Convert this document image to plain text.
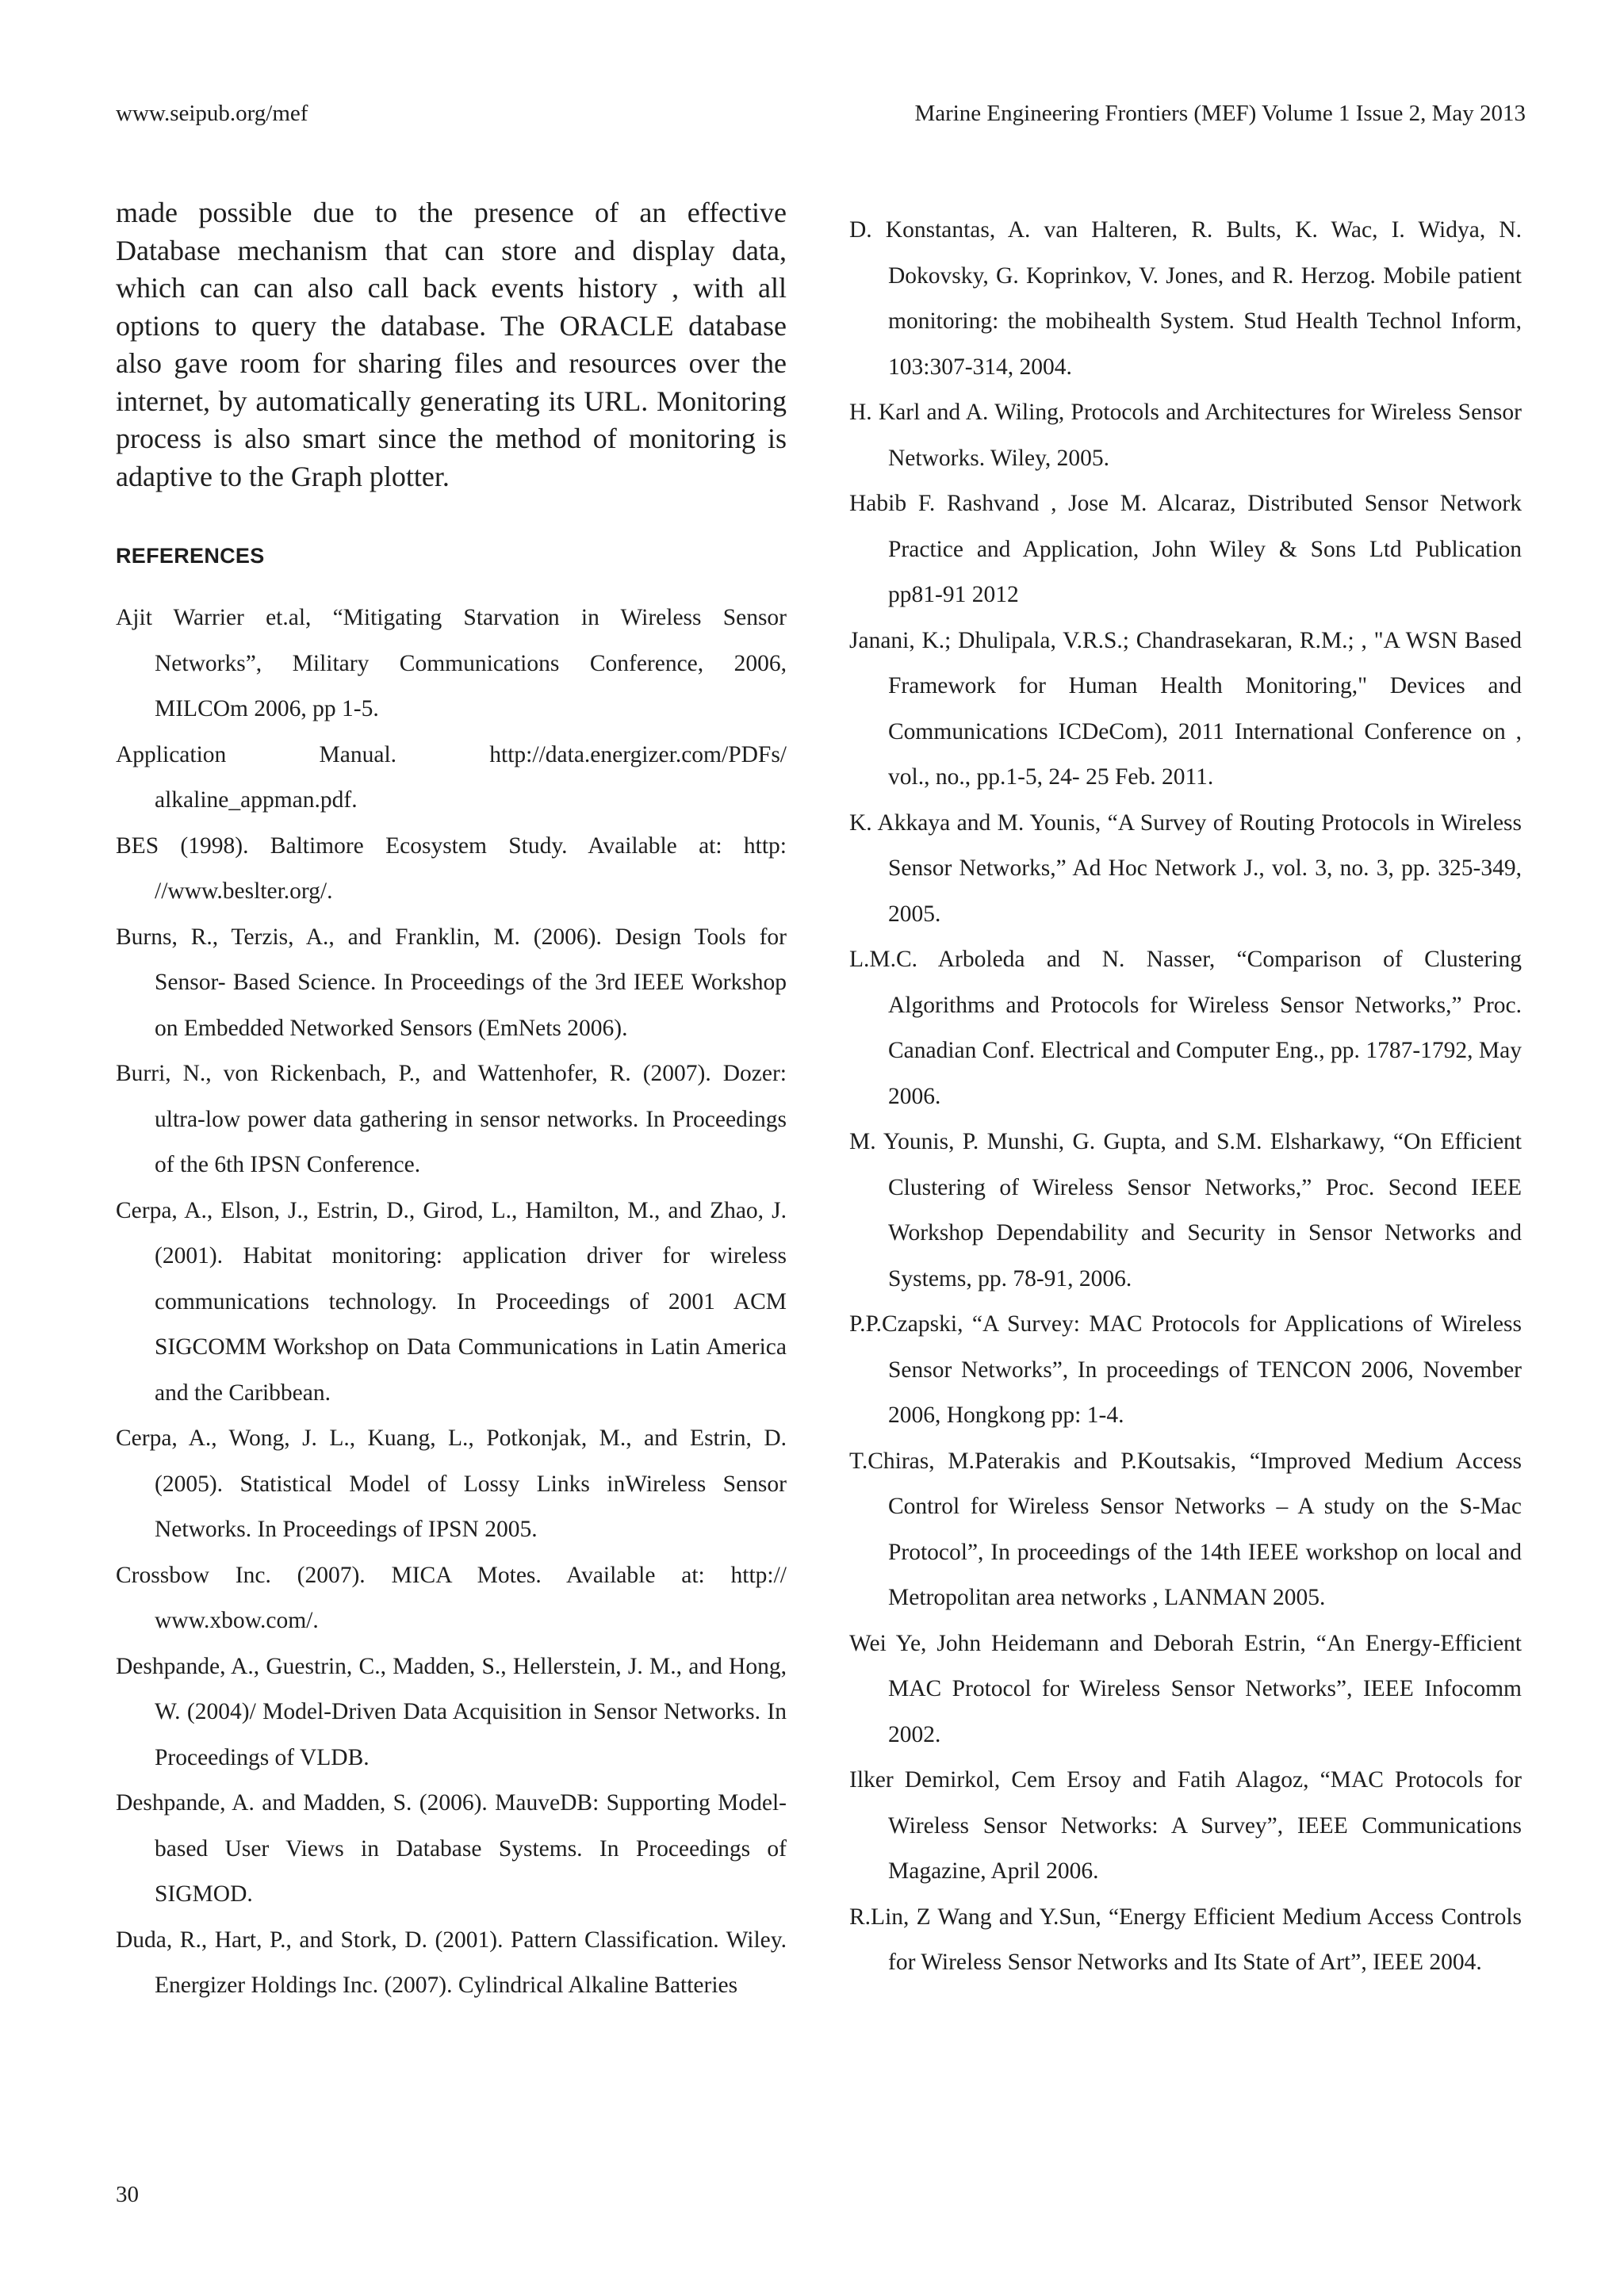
www.seipub.org/mef	Marine Engineering Frontiers (MEF) Volume 1 Issue 2, May 2013

made possible due to the presence of an effective Database mechanism that can store and display data, which can can also call back events history , with all options to query the database. The ORACLE database also gave room for sharing files and resources over the internet, by automatically generating its URL. Monitoring process is also smart since the method of monitoring is adaptive to the Graph plotter.

REFERENCES

Ajit Warrier et.al, “Mitigating Starvation in Wireless Sensor Networks”, Military Communications Conference, 2006, MILCOm 2006, pp 1-5.

Application Manual. http://data.energizer.com/PDFs/ alkaline_appman.pdf.

BES (1998). Baltimore Ecosystem Study. Available at: http: //www.beslter.org/.

Burns, R., Terzis, A., and Franklin, M. (2006). Design Tools for Sensor- Based Science. In Proceedings of the 3rd IEEE Workshop on Embedded Networked Sensors (EmNets 2006).

Burri, N., von Rickenbach, P., and Wattenhofer, R. (2007). Dozer: ultra-low power data gathering in sensor networks. In Proceedings of the 6th IPSN Conference.

Cerpa, A., Elson, J., Estrin, D., Girod, L., Hamilton, M., and Zhao, J. (2001). Habitat monitoring: application driver for wireless communications technology. In Proceedings of 2001 ACM SIGCOMM Workshop on Data Communications in Latin America and the Caribbean.

Cerpa, A., Wong, J. L., Kuang, L., Potkonjak, M., and Estrin, D. (2005). Statistical Model of Lossy Links inWireless Sensor Networks. In Proceedings of IPSN 2005.

Crossbow Inc. (2007). MICA Motes. Available at: http:// www.xbow.com/.

Deshpande, A., Guestrin, C., Madden, S., Hellerstein, J. M., and Hong, W. (2004)/ Model-Driven Data Acquisition in Sensor Networks. In Proceedings of VLDB.

Deshpande, A. and Madden, S. (2006). MauveDB: Supporting Model- based User Views in Database Systems. In Proceedings of SIGMOD.

Duda, R., Hart, P., and Stork, D. (2001). Pattern Classification. Wiley. Energizer Holdings Inc. (2007). Cylindrical Alkaline Batteries

D. Konstantas, A. van Halteren, R. Bults, K. Wac, I. Widya, N. Dokovsky, G. Koprinkov, V. Jones, and R. Herzog. Mobile patient monitoring: the mobihealth System. Stud Health Technol Inform, 103:307-314, 2004.

H. Karl and A. Wiling, Protocols and Architectures for Wireless Sensor Networks. Wiley, 2005.

Habib F. Rashvand , Jose M. Alcaraz, Distributed Sensor Network Practice and Application, John Wiley & Sons Ltd Publication pp81-91 2012

Janani, K.; Dhulipala, V.R.S.; Chandrasekaran, R.M.; , "A WSN Based Framework for Human Health Monitoring," Devices and Communications ICDeCom), 2011 International Conference on , vol., no., pp.1-5, 24- 25 Feb. 2011.

K. Akkaya and M. Younis, “A Survey of Routing Protocols in Wireless Sensor Networks,” Ad Hoc Network J., vol. 3, no. 3, pp. 325-349, 2005.

L.M.C. Arboleda and N. Nasser, “Comparison of Clustering Algorithms and Protocols for Wireless Sensor Networks,” Proc. Canadian Conf. Electrical and Computer Eng., pp. 1787-1792, May 2006.

M. Younis, P. Munshi, G. Gupta, and S.M. Elsharkawy, “On Efficient Clustering of Wireless Sensor Networks,” Proc. Second IEEE Workshop Dependability and Security in Sensor Networks and Systems, pp. 78-91, 2006.

P.P.Czapski, “A Survey: MAC Protocols for Applications of Wireless Sensor Networks”, In proceedings of TENCON 2006, November 2006, Hongkong pp: 1-4.

T.Chiras, M.Paterakis and P.Koutsakis, “Improved Medium Access Control for Wireless Sensor Networks – A study on the S-Mac Protocol”, In proceedings of the 14th IEEE workshop on local and Metropolitan area networks , LANMAN 2005.

Wei Ye, John Heidemann and Deborah Estrin, “An Energy-Efficient MAC Protocol for Wireless Sensor Networks”, IEEE Infocomm 2002.

Ilker Demirkol, Cem Ersoy and Fatih Alagoz, “MAC Protocols for Wireless Sensor Networks: A Survey”, IEEE Communications Magazine, April 2006.

R.Lin, Z Wang and Y.Sun, “Energy Efficient Medium Access Controls for Wireless Sensor Networks and Its State of Art”, IEEE 2004.

30
